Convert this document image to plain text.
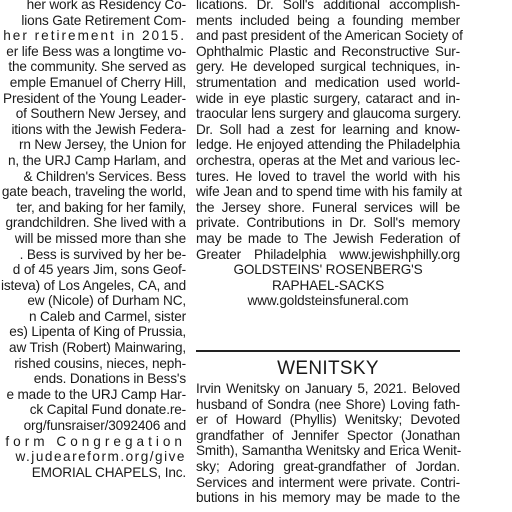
her work as Residency Co-
lions Gate Retirement Com-
her retirement in 2015.
er life Bess was a longtime vo-
the community. She served as
emple Emanuel of Cherry Hill,
President of the Young Leader-
of Southern New Jersey, and
itions with the Jewish Federa-
rn New Jersey, the Union for
n, the URJ Camp Harlam, and
& Children's Services. Bess
gate beach, traveling the world,
ter, and baking for her family,
grandchildren. She lived with a
will be missed more than she
. Bess is survived by her be-
d of 45 years Jim, sons Geof-
isteva) of Los Angeles, CA, and
ew (Nicole) of Durham NC,
n Caleb and Carmel, sister
es) Lipenta of King of Prussia,
aw Trish (Robert) Mainwaring,
rished cousins, nieces, neph-
ends. Donations in Bess's
e made to the URJ Camp Har-
ck Capital Fund donate.re-
org/funsraiser/3092406 and
form Congregation
w.judeareform.org/give
EMORIAL CHAPELS, Inc.
lications. Dr. Soll's additional accomplish-
ments included being a founding member
and past president of the American Society of
Ophthalmic Plastic and Reconstructive Sur-
gery. He developed surgical techniques, in-
strumentation and medication used world-
wide in eye plastic surgery, cataract and in-
traocular lens surgery and glaucoma surgery.
Dr. Soll had a zest for learning and know-
ledge. He enjoyed attending the Philadelphia
orchestra, operas at the Met and various lec-
tures. He loved to travel the world with his
wife Jean and to spend time with his family at
the Jersey shore. Funeral services will be
private. Contributions in Dr. Soll's memory
may be made to The Jewish Federation of
Greater Philadelphia www.jewishphilly.org
GOLDSTEINS' ROSENBERG'S
RAPHAEL-SACKS
www.goldsteinsfuneral.com
WENITSKY
Irvin Wenitsky on January 5, 2021. Beloved
husband of Sondra (nee Shore) Loving fath-
er of Howard (Phyllis) Wenitsky; Devoted
grandfather of Jennifer Spector (Jonathan
Smith), Samantha Wenitsky and Erica Wenit-
sky; Adoring great-grandfather of Jordan.
Services and interment were private. Contri-
butions in his memory may be made to the
